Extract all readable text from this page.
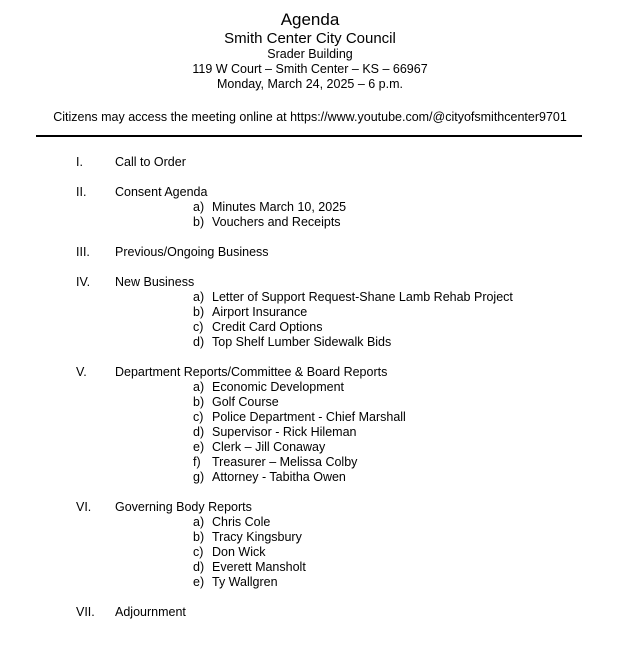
Agenda
Smith Center City Council
Srader Building
119 W Court – Smith Center – KS – 66967
Monday, March 24, 2025 – 6 p.m.
Citizens may access the meeting online at https://www.youtube.com/@cityofsmithcenter9701
I.	Call to Order
II. Consent Agenda
a) Minutes March 10, 2025
b) Vouchers and Receipts
III. Previous/Ongoing Business
IV. New Business
a) Letter of Support Request-Shane Lamb Rehab Project
b) Airport Insurance
c) Credit Card Options
d) Top Shelf Lumber Sidewalk Bids
V. Department Reports/Committee & Board Reports
a) Economic Development
b) Golf Course
c) Police Department - Chief Marshall
d) Supervisor - Rick Hileman
e) Clerk – Jill Conaway
f) Treasurer – Melissa Colby
g) Attorney - Tabitha Owen
VI. Governing Body Reports
a) Chris Cole
b) Tracy Kingsbury
c) Don Wick
d) Everett Mansholt
e) Ty Wallgren
VII. Adjournment
